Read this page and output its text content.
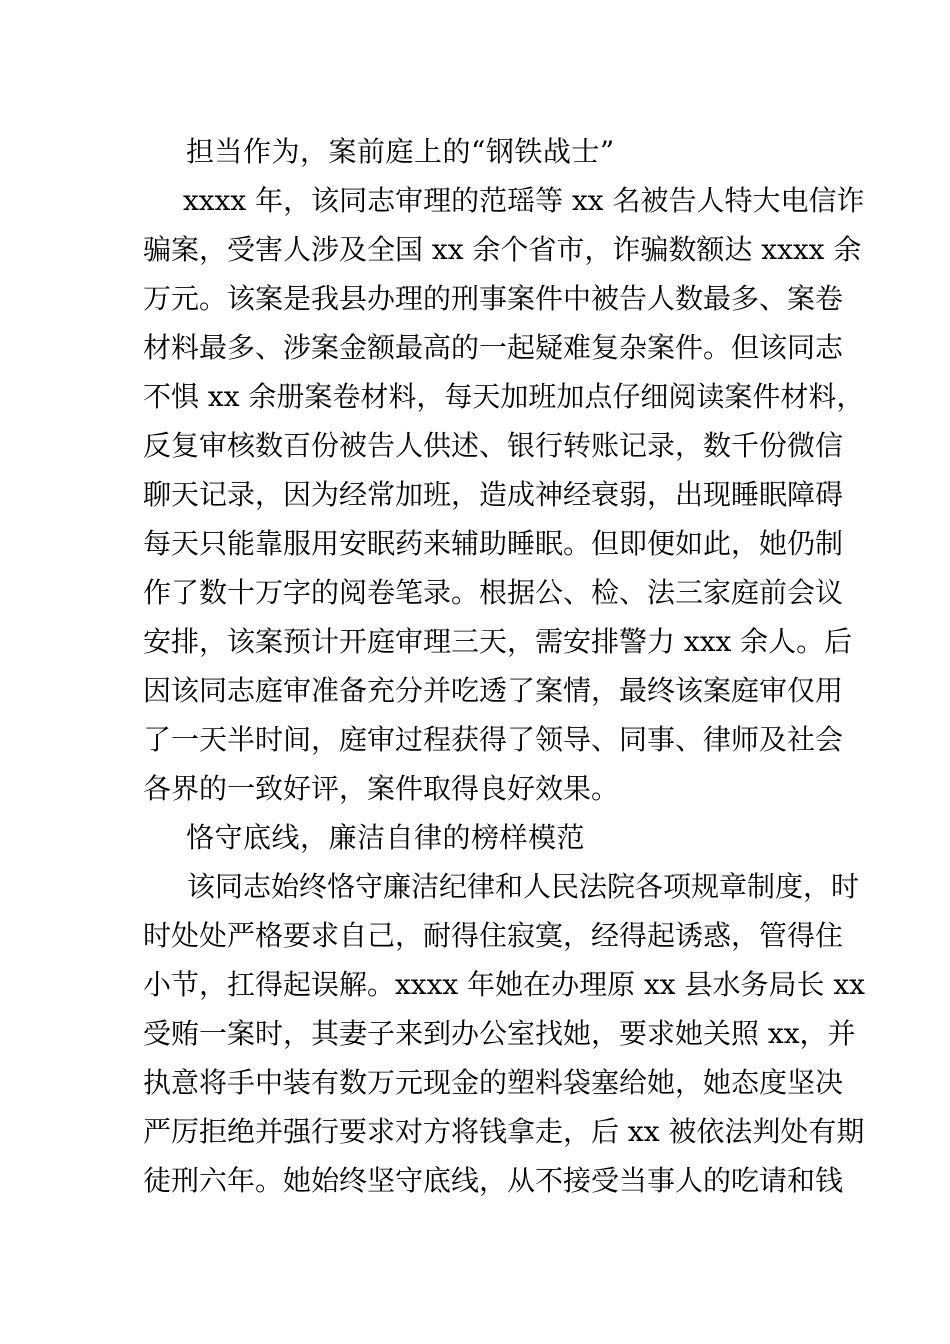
担当作为，案前庭上的“钢铁战士”
xxxx 年，该同志审理的范瑶等 xx 名被告人特大电信诈
骗案，受害人涉及全国 xx 余个省市，诈骗数额达 xxxx 余
万元。该案是我县办理的刑事案件中被告人数最多、案卷
材料最多、涉案金额最高的一起疑难复杂案件。但该同志
不惧 xx 余册案卷材料，每天加班加点仔细阅读案件材料，
反复审核数百份被告人供述、银行转账记录，数千份微信
聊天记录，因为经常加班，造成神经衰弱，出现睡眠障碍
每天只能靠服用安眠药来辅助睡眠。但即便如此，她仍制
作了数十万字的阅卷笔录。根据公、检、法三家庭前会议
安排，该案预计开庭审理三天，需安排警力 xxx 余人。后
因该同志庭审准备充分并吃透了案情，最终该案庭审仅用
了一天半时间，庭审过程获得了领导、同事、律师及社会
各界的一致好评，案件取得良好效果。
恪守底线，廉洁自律的榜样模范
该同志始终恪守廉洁纪律和人民法院各项规章制度，时
时处处严格要求自己，耐得住寂寞，经得起诱惑，管得住
小节，扛得起误解。xxxx 年她在办理原 xx 县水务局长 xx
受贿一案时，其妻子来到办公室找她，要求她关照 xx，并
执意将手中装有数万元现金的塑料袋塞给她，她态度坚决
严厉拒绝并强行要求对方将钱拿走，后 xx 被依法判处有期
徒刑六年。她始终坚守底线，从不接受当事人的吃请和钱
